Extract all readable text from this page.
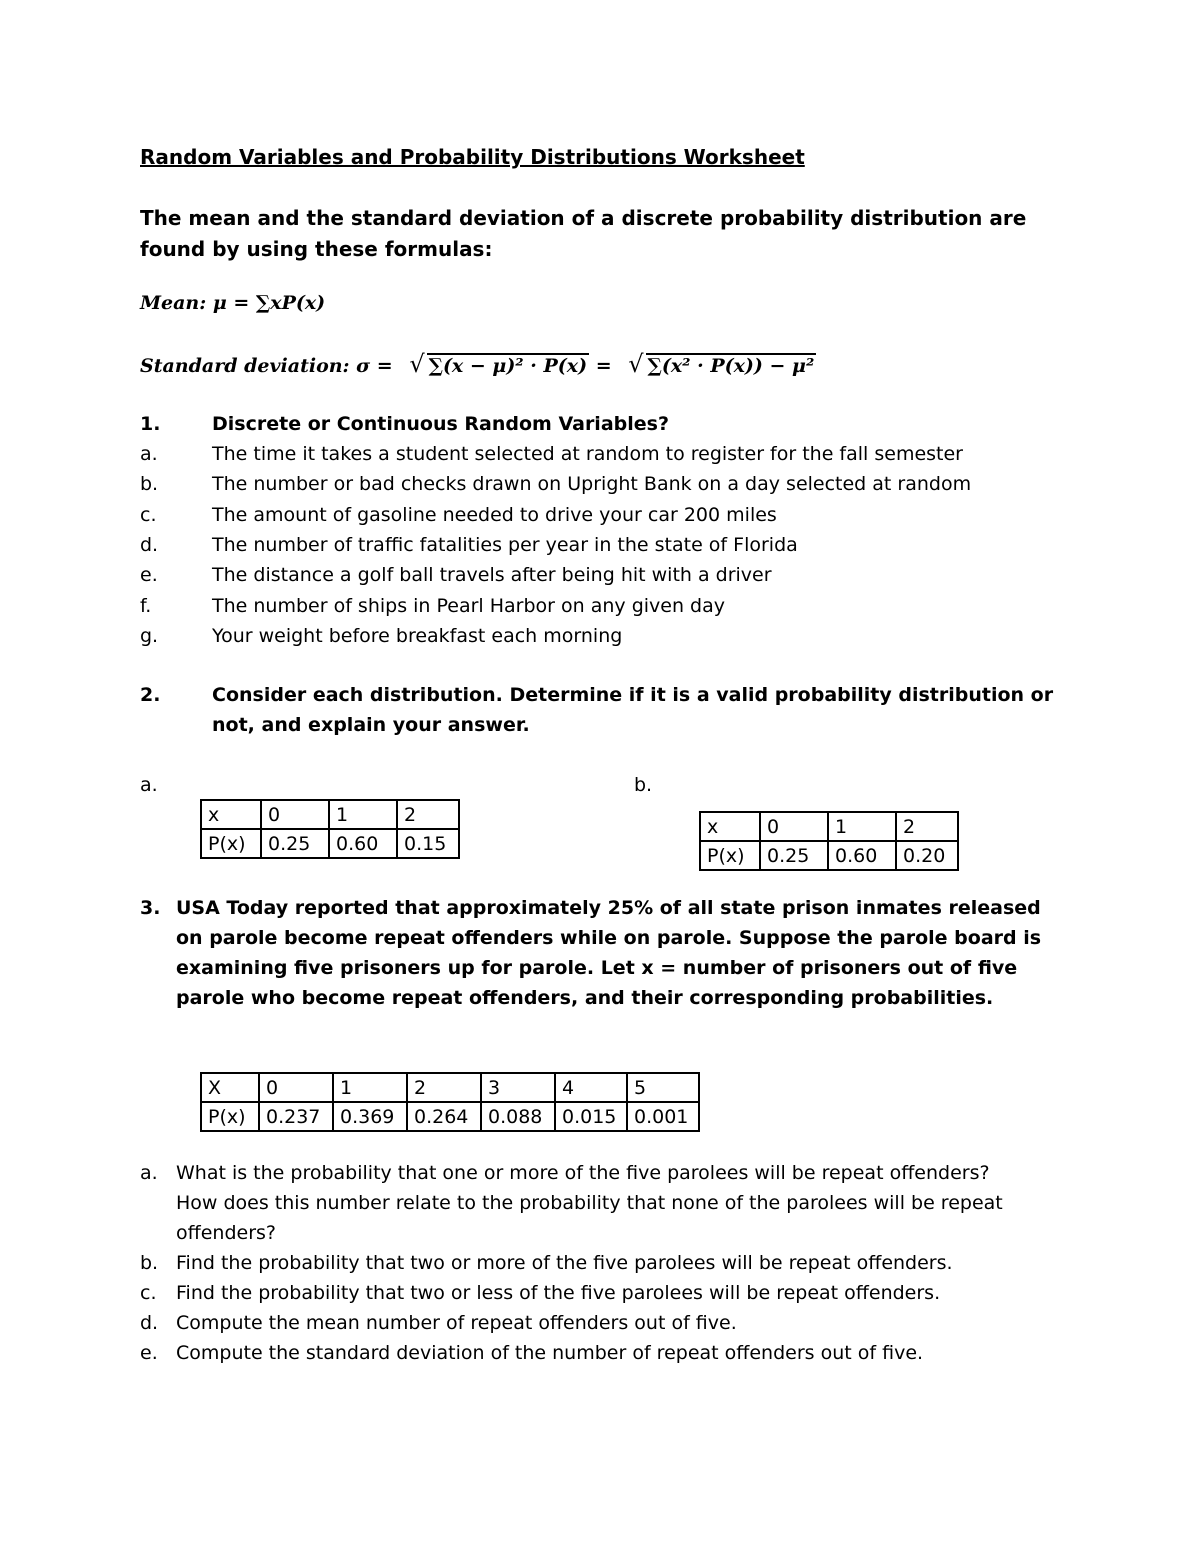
Random Variables and Probability Distributions Worksheet
The mean and the standard deviation of a discrete probability distribution are found by using these formulas:
Mean: μ = ∑xP(x)
Standard deviation: σ = √ ∑(x − μ)² · P(x) = √ ∑(x² · P(x)) − μ²
1.	Discrete or Continuous Random Variables?
a.	The time it takes a student selected at random to register for the fall semester
b.	The number or bad checks drawn on Upright Bank on a day selected at random
c.	The amount of gasoline needed to drive your car 200 miles
d.	The number of traffic fatalities per year in the state of Florida
e.	The distance a golf ball travels after being hit with a driver
f.	The number of ships in Pearl Harbor on any given day
g.	Your weight before breakfast each morning
2.	Consider each distribution. Determine if it is a valid probability distribution or
not, and explain your answer.
a.	b.
x	0	1	2
P(x)	0.25	0.60	0.15
x	0	1	2
P(x)	0.25	0.60	0.20
3. USA Today reported that approximately 25% of all state prison inmates released
on parole become repeat offenders while on parole. Suppose the parole board is
examining five prisoners up for parole. Let x = number of prisoners out of five
parole who become repeat offenders, and their corresponding probabilities.
X	0	1	2	3	4	5
P(x)	0.237	0.369	0.264	0.088	0.015	0.001
a. What is the probability that one or more of the five parolees will be repeat offenders?
How does this number relate to the probability that none of the parolees will be repeat
offenders?
b. Find the probability that two or more of the five parolees will be repeat offenders.
c. Find the probability that two or less of the five parolees will be repeat offenders.
d. Compute the mean number of repeat offenders out of five.
e. Compute the standard deviation of the number of repeat offenders out of five.
